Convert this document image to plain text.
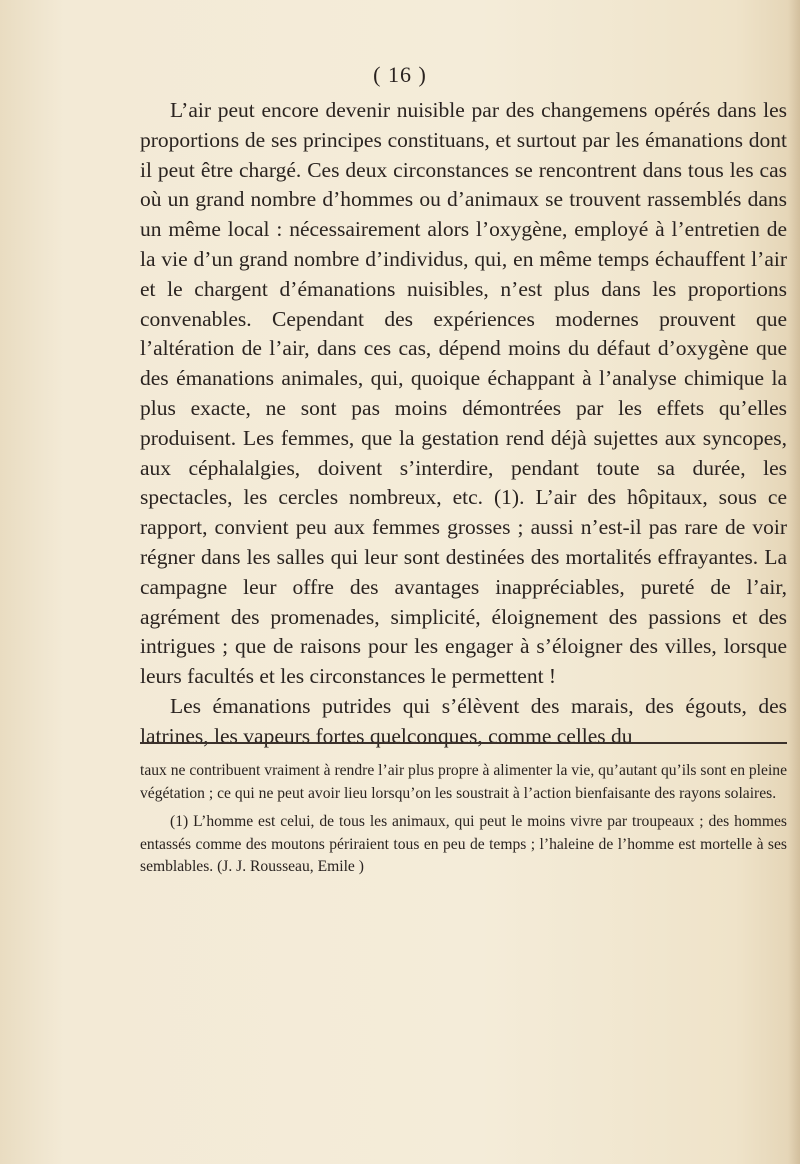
( 16 )

L’air peut encore devenir nuisible par des changemens opérés dans les proportions de ses principes constituans, et surtout par les émanations dont il peut être chargé. Ces deux circonstances se rencontrent dans tous les cas où un grand nombre d’hommes ou d’animaux se trouvent rassemblés dans un même local : nécessairement alors l’oxygène, employé à l’entretien de la vie d’un grand nombre d’individus, qui, en même temps échauffent l’air et le chargent d’émanations nuisibles, n’est plus dans les proportions convenables. Cependant des expériences modernes prouvent que l’altération de l’air, dans ces cas, dépend moins du défaut d’oxygène que des émanations animales, qui, quoique échappant à l’analyse chimique la plus exacte, ne sont pas moins démontrées par les effets qu’elles produisent. Les femmes, que la gestation rend déjà sujettes aux syncopes, aux céphalalgies, doivent s’interdire, pendant toute sa durée, les spectacles, les cercles nombreux, etc. (1). L’air des hôpitaux, sous ce rapport, convient peu aux femmes grosses ; aussi n’est-il pas rare de voir régner dans les salles qui leur sont destinées des mortalités effrayantes. La campagne leur offre des avantages inappréciables, pureté de l’air, agrément des promenades, simplicité, éloignement des passions et des intrigues ; que de raisons pour les engager à s’éloigner des villes, lorsque leurs facultés et les circonstances le permettent !

Les émanations putrides qui s’élèvent des marais, des égouts, des latrines, les vapeurs fortes quelconques, comme celles du

taux ne contribuent vraiment à rendre l’air plus propre à alimenter la vie, qu’autant qu’ils sont en pleine végétation ; ce qui ne peut avoir lieu lorsqu’on les soustrait à l’action bienfaisante des rayons solaires.

(1) L’homme est celui, de tous les animaux, qui peut le moins vivre par troupeaux ; des hommes entassés comme des moutons périraient tous en peu de temps ; l’haleine de l’homme est mortelle à ses semblables. (J. J. Rousseau, Emile )
